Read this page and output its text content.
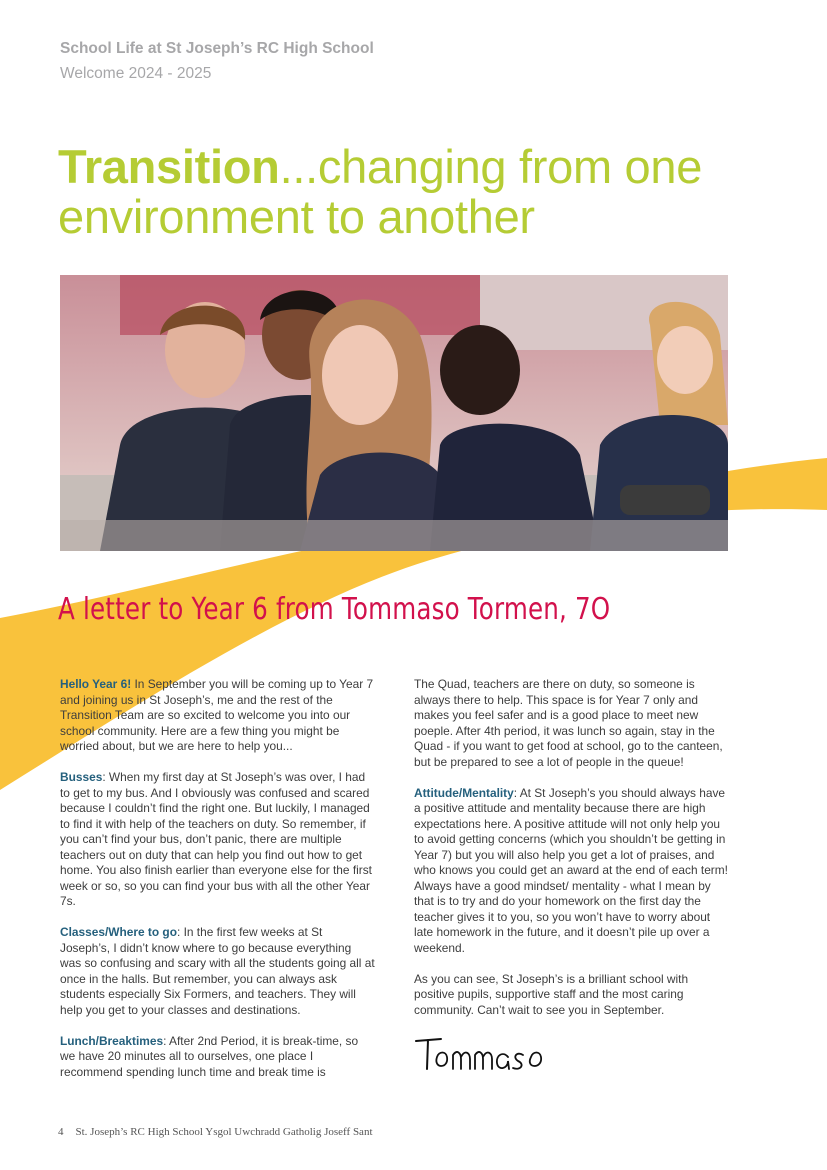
School Life at St Joseph’s RC High School
Welcome 2024 - 2025
Transition...changing from one environment to another
A letter to Year 6 from Tommaso Tormen, 7O

Hello Year 6! In September you will be coming up to Year 7 and joining us in St Joseph’s, me and the rest of the Transition Team are so excited to welcome you into our school community. Here are a few thing you might be worried about, but we are here to help you...

Busses: When my first day at St Joseph’s was over, I had to get to my bus. And I obviously was confused and scared because I couldn’t find the right one. But luckily, I managed to find it with help of the teachers on duty. So remember, if you can’t find your bus, don’t panic, there are multiple teachers out on duty that can help you find out how to get home. You also finish earlier than everyone else for the first week or so, so you can find your bus with all the other Year 7s.

Classes/Where to go: In the first few weeks at St Joseph’s, I didn’t know where to go because everything was so confusing and scary with all the students going all at once in the halls. But remember, you can always ask students especially Six Formers, and teachers. They will help you get to your classes and destinations.

Lunch/Breaktimes: After 2nd Period, it is break-time, so we have 20 minutes all to ourselves, one place I recommend spending lunch time and break time is

The Quad, teachers are there on duty, so someone is always there to help. This space is for Year 7 only and makes you feel safer and is a good place to meet new poeple. After 4th period, it was lunch so again, stay in the Quad - if you want to get food at school, go to the canteen, but be prepared to see a lot of people in the queue!

Attitude/Mentality: At St Joseph’s you should always have a positive attitude and mentality because there are high expectations here. A positive attitude will not only help you to avoid getting concerns (which you shouldn’t be getting in Year 7) but you will also help you get a lot of praises, and who knows you could get an award at the end of each term! Always have a good mindset/ mentality - what I mean by that is to try and do your homework on the first day the teacher gives it to you, so you won’t have to worry about late homework in the future, and it doesn’t pile up over a weekend.

As you can see, St Joseph’s is a brilliant school with positive pupils, supportive staff and the most caring community. Can’t wait to see you in September.

4 St. Joseph’s RC High School Ysgol Uwchradd Gatholig Joseff Sant
